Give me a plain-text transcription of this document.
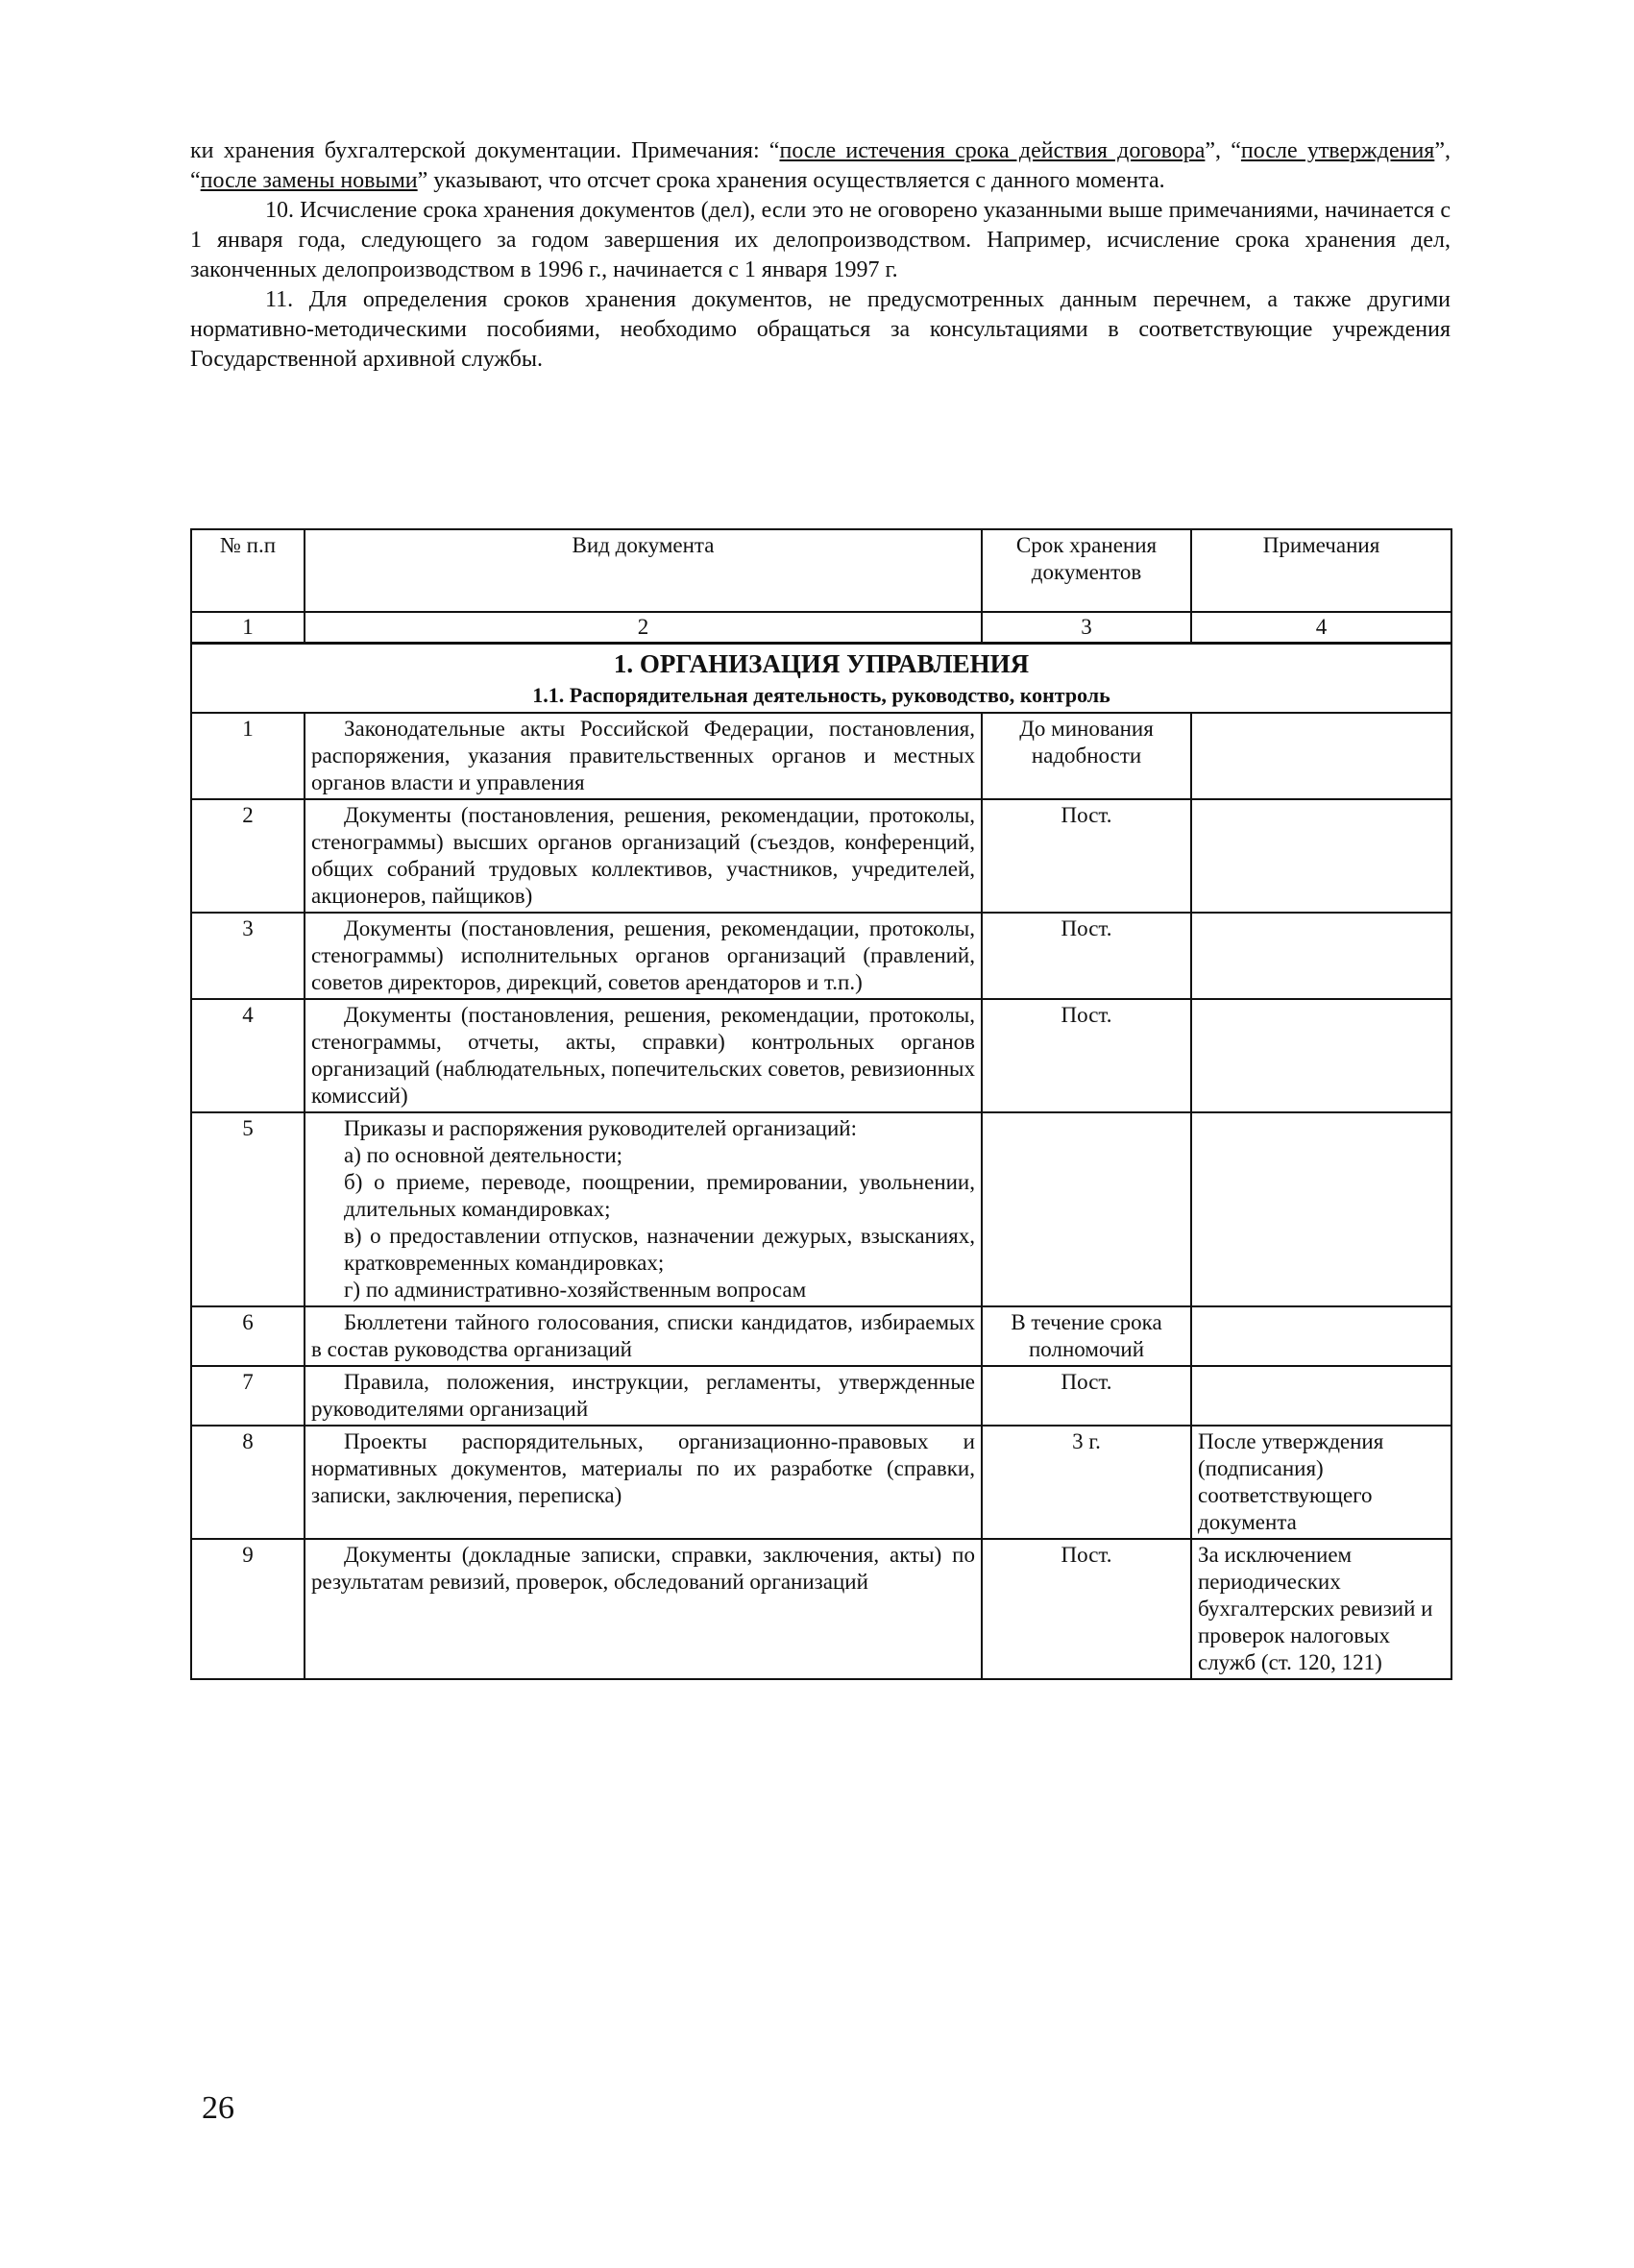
ки хранения бухгалтерской документации. Примечания: “после истечения срока действия договора”, “после утверждения”, “после замены новыми” указывают, что отсчет срока хранения осуществляется с данного момента.

10. Исчисление срока хранения документов (дел), если это не оговорено указанными выше примечаниями, начинается с 1 января года, следующего за годом завершения их делопроизводством. Например, исчисление срока хранения дел, законченных делопроизводством в 1996 г., начинается с 1 января 1997 г.

11. Для определения сроков хранения документов, не предусмотренных данным перечнем, а также другими нормативно-методическими пособиями, необходимо обращаться за консультациями в соответствующие учреждения Государственной архивной службы.

№ п.п	Вид документа	Срок хранения документов	Примечания
1	2	3	4

1. ОРГАНИЗАЦИЯ УПРАВЛЕНИЯ
1.1. Распорядительная деятельность, руководство, контроль			

1	Законодательные акты Российской Федерации, постановления, распоряжения, указания правительственных органов и местных органов власти и управления	До минования надобности	
2	Документы (постановления, решения, рекомендации, протоколы, стенограммы) высших органов организаций (съездов, конференций, общих собраний трудовых коллективов, участников, учредителей, акционеров, пайщиков)	Пост.	
3	Документы (постановления, решения, рекомендации, протоколы, стенограммы) исполнительных органов организаций (правлений, советов директоров, дирекций, советов арендаторов и т.п.)	Пост.	
4	Документы (постановления, решения, рекомендации, протоколы, стенограммы, отчеты, акты, справки) контрольных органов организаций (наблюдательных, попечительских советов, ревизионных комиссий)	Пост.	
5	Приказы и распоряжения руководителей организаций:
а) по основной деятельности;
б) о приеме, переводе, поощрении, премировании, увольнении, длительных командировках;
в) о предоставлении отпусков, назначении дежурых, взысканиях, кратковременных командировках;
г) по административно-хозяйственным вопросам		

6	Бюллетени тайного голосования, списки кандидатов, избираемых в состав руководства организаций	В течение срока полномочий	
7	Правила, положения, инструкции, регламенты, утвержденные руководителями организаций	Пост.	
8	Проекты распорядительных, организационно-правовых и нормативных документов, материалы по их разработке (справки, записки, заключения, переписка)	3 г.	После утверждения (подписания) соответствующего документа
9	Документы (докладные записки, справки, заключения, акты) по результатам ревизий, проверок, обследований организаций	Пост.	За исключением периодических бухгалтерских ревизий и проверок налоговых служб (ст. 120, 121)
26
